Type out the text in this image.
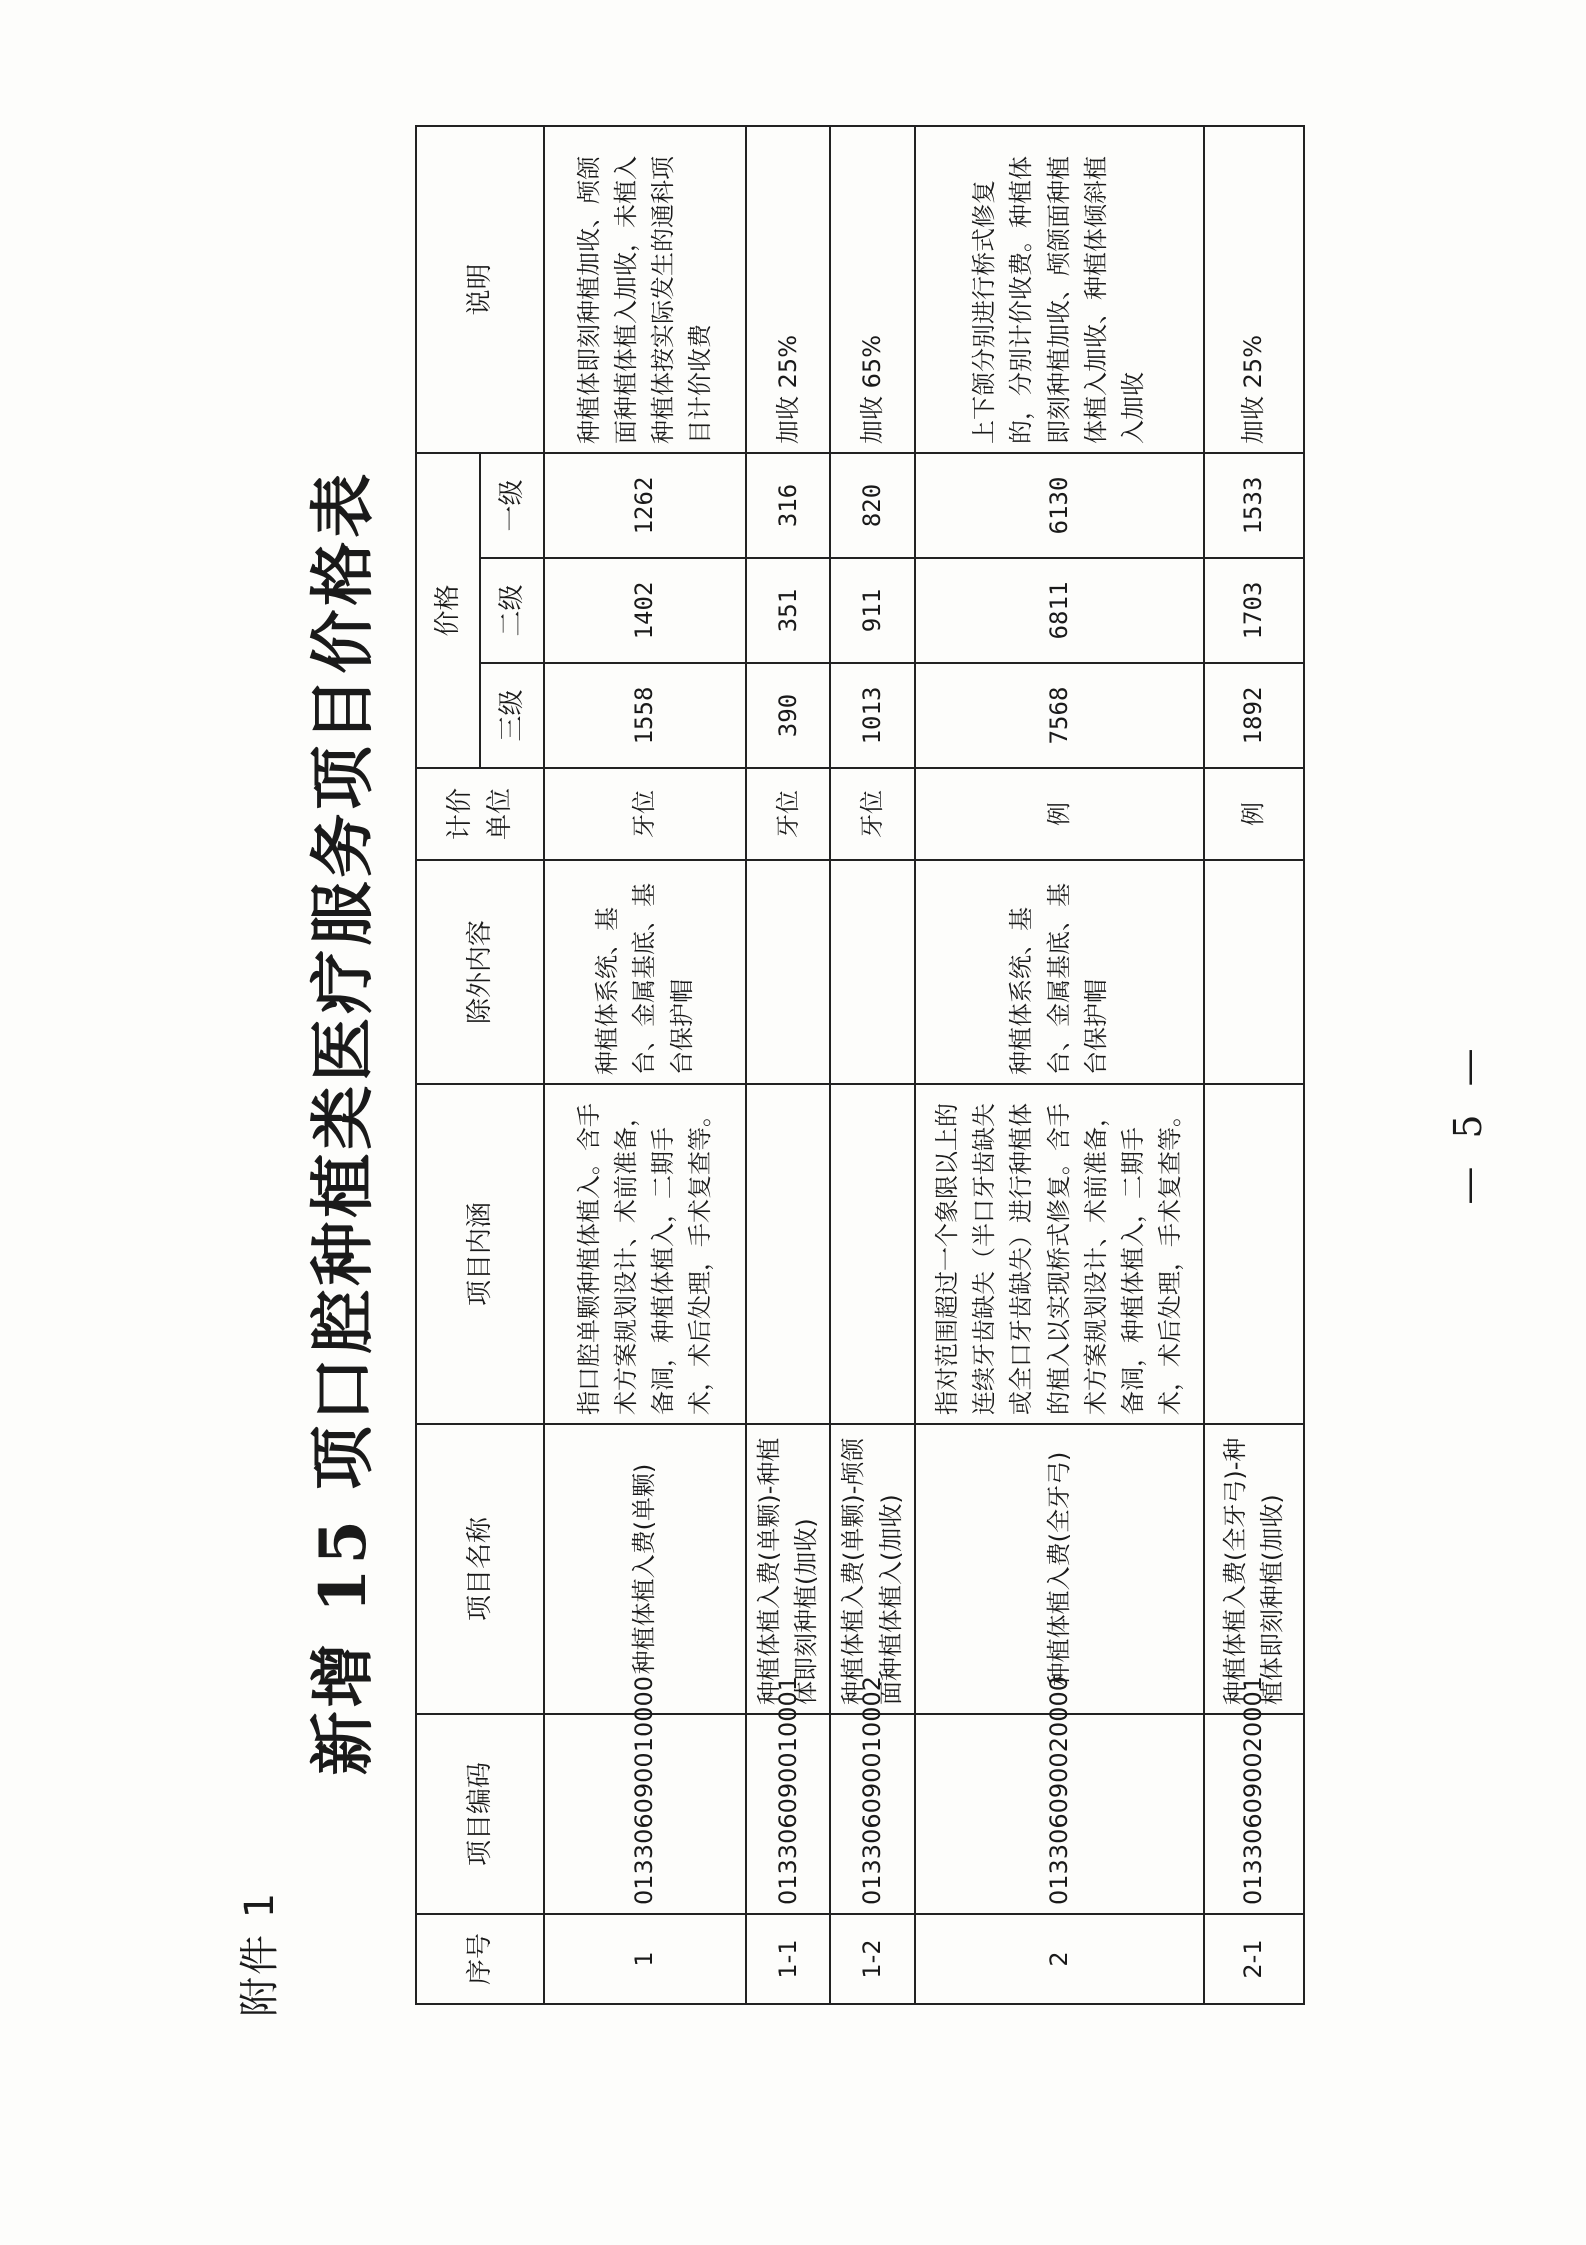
附件 1
新增 15 项口腔种植类医疗服务项目价格表
序号	项目编码	项目名称	项目内涵	除外内容	计价单位	价格			说明
						三级	二级	一级	
1	013306090010000	种植体植入费(单颗)	指口腔单颗种植体植入。含手术方案规划设计、术前准备，备洞，种植体植入，二期手术，术后处理，手术复查等。	种植体系统、基台、金属基底、基台保护帽	牙位	1558	1402	1262	种植体即刻种植加收、颅颌面种植体植入加收，未植入种植体按实际发生的通科项目计价收费
1-1	013306090010001	种植体植入费(单颗)-种植体即刻种植(加收)			牙位	390	351	316	加收 25%
1-2	013306090010002	种植体植入费(单颗)-颅颌面种植体植入(加收)			牙位	1013	911	820	加收 65%
2	013306090020000	种植体植入费(全牙弓)	指对范围超过一个象限以上的连续牙齿缺失（半口牙齿缺失或全口牙齿缺失）进行种植体的植入以实现桥式修复。含手术方案规划设计、术前准备，备洞，种植体植入，二期手术，术后处理，手术复查等。	种植体系统、基台、金属基底、基台保护帽	例	7568	6811	6130	上下颌分别进行桥式修复的，分别计价收费。种植体即刻种植加收、颅颌面种植体植入加收、种植体倾斜植入加收
2-1	013306090020001	种植体植入费(全牙弓)-种植体即刻种植(加收)			例	1892	1703	1533	加收 25%
— 5 —
